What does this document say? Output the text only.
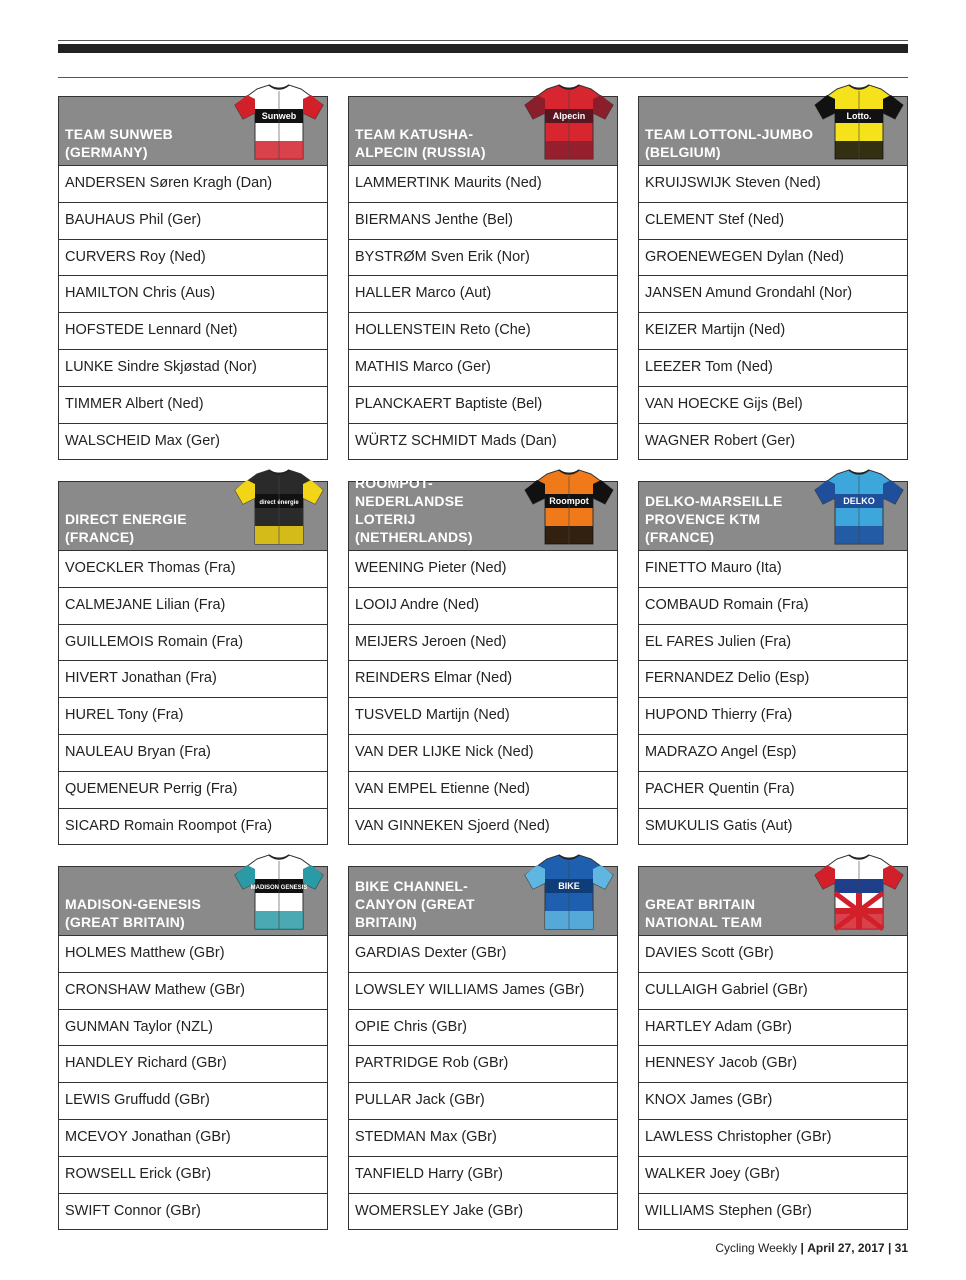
TEAM SUNWEB
(GERMANY)
Sunweb
ANDERSEN Søren Kragh (Dan)
BAUHAUS Phil (Ger)
CURVERS Roy (Ned)
HAMILTON Chris (Aus)
HOFSTEDE Lennard (Net)
LUNKE Sindre Skjøstad (Nor)
TIMMER Albert (Ned)
WALSCHEID Max (Ger)
TEAM KATUSHA-
ALPECIN (RUSSIA)
Alpecin
LAMMERTINK Maurits (Ned)
BIERMANS Jenthe (Bel)
BYSTRØM Sven Erik (Nor)
HALLER Marco (Aut)
HOLLENSTEIN Reto (Che)
MATHIS Marco (Ger)
PLANCKAERT Baptiste (Bel)
WÜRTZ SCHMIDT Mads (Dan)
TEAM LOTTONL-JUMBO
(BELGIUM)
Lotto.
KRUIJSWIJK Steven (Ned)
CLEMENT Stef (Ned)
GROENEWEGEN Dylan (Ned)
JANSEN Amund Grondahl (Nor)
KEIZER Martijn (Ned)
LEEZER Tom (Ned)
VAN HOECKE Gijs (Bel)
WAGNER Robert (Ger)
DIRECT ENERGIE
(FRANCE)
direct énergie
VOECKLER Thomas (Fra)
CALMEJANE Lilian (Fra)
GUILLEMOIS Romain (Fra)
HIVERT Jonathan (Fra)
HUREL Tony (Fra)
NAULEAU Bryan (Fra)
QUEMENEUR Perrig (Fra)
SICARD Romain Roompot (Fra)
ROOMPOT-NEDERLANDSE
LOTERIJ (NETHERLANDS)
Roompot
WEENING Pieter (Ned)
LOOIJ Andre (Ned)
MEIJERS Jeroen (Ned)
REINDERS Elmar (Ned)
TUSVELD Martijn (Ned)
VAN DER LIJKE Nick (Ned)
VAN EMPEL Etienne (Ned)
VAN GINNEKEN Sjoerd (Ned)
DELKO-MARSEILLE
PROVENCE KTM (FRANCE)
DELKO
FINETTO Mauro (Ita)
COMBAUD Romain (Fra)
EL FARES Julien (Fra)
FERNANDEZ Delio (Esp)
HUPOND Thierry (Fra)
MADRAZO Angel (Esp)
PACHER Quentin (Fra)
SMUKULIS Gatis (Aut)
MADISON-GENESIS
(GREAT BRITAIN)
MADISON GENESIS
HOLMES Matthew (GBr)
CRONSHAW Mathew (GBr)
GUNMAN Taylor (NZL)
HANDLEY Richard (GBr)
LEWIS Gruffudd (GBr)
MCEVOY Jonathan (GBr)
ROWSELL Erick (GBr)
SWIFT Connor (GBr)
BIKE CHANNEL-
CANYON (GREAT BRITAIN)
BIKE
GARDIAS Dexter (GBr)
LOWSLEY WILLIAMS James (GBr)
OPIE Chris (GBr)
PARTRIDGE Rob (GBr)
PULLAR Jack (GBr)
STEDMAN Max (GBr)
TANFIELD Harry (GBr)
WOMERSLEY Jake (GBr)
GREAT BRITAIN
NATIONAL TEAM
DAVIES Scott (GBr)
CULLAIGH Gabriel (GBr)
HARTLEY Adam (GBr)
HENNESY Jacob (GBr)
KNOX James (GBr)
LAWLESS Christopher (GBr)
WALKER Joey (GBr)
WILLIAMS Stephen (GBr)
Cycling Weekly | April 27, 2017 | 31
